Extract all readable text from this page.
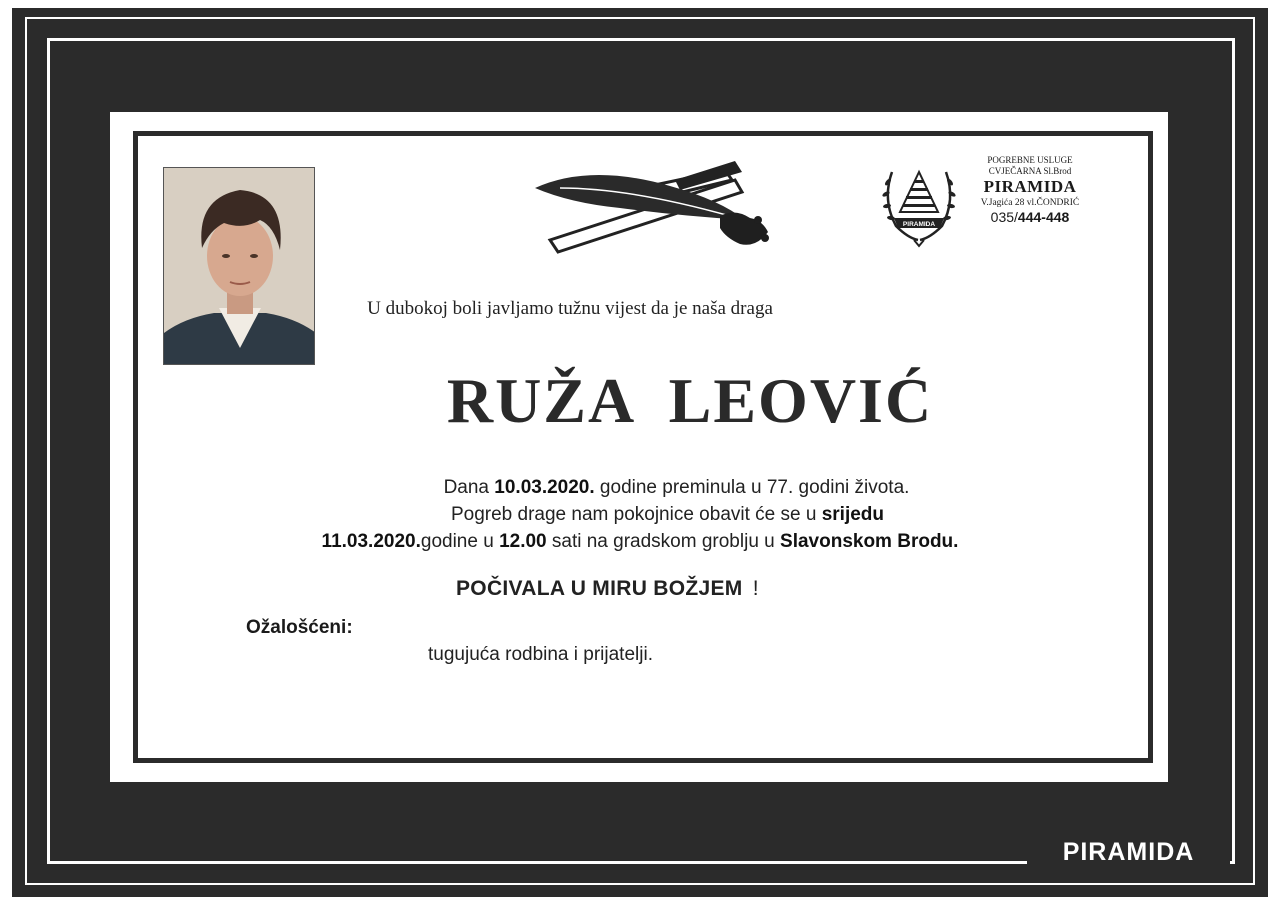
PIRAMIDA
POGREBNE USLUGE
CVJEČARNA Sl.Brod
PIRAMIDA
V.Jagića 28 vl.ČONDRIĆ
035/444-448
U dubokoj boli javljamo tužnu vijest da je naša draga
RUŽA LEOVIĆ
Dana 10.03.2020. godine preminula u 77. godini života.
Pogreb drage nam pokojnice obavit će se u srijedu
11.03.2020.godine u 12.00 sati na gradskom groblju u Slavonskom Brodu.
POČIVALA U MIRU BOŽJEM !
Ožalošćeni:
tugujuća rodbina i prijatelji.
PIRAMIDA
